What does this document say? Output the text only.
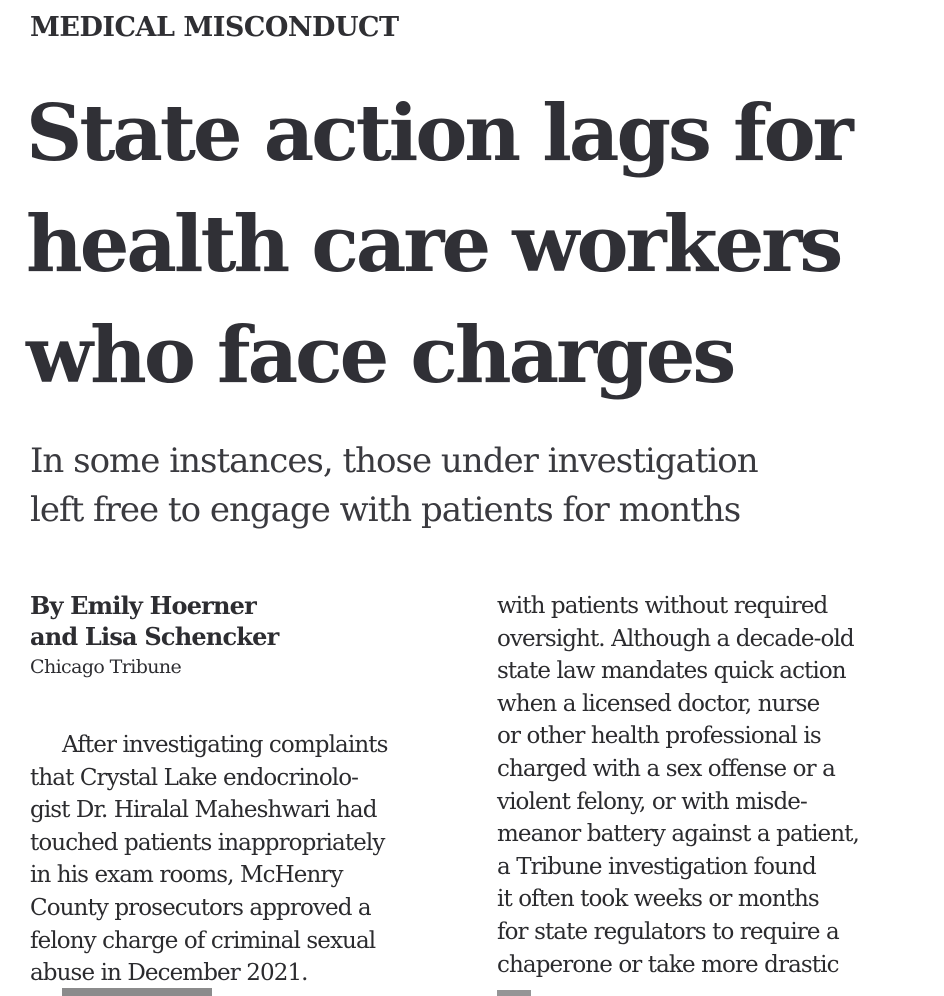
MEDICAL MISCONDUCT
State action lags for
health care workers
who face charges
In some instances, those under investigation
left free to engage with patients for months
By Emily Hoerner
and Lisa Schencker
Chicago Tribune
After investigating complaints
that Crystal Lake endocrinolo-
gist Dr. Hiralal Maheshwari had
touched patients inappropriately
in his exam rooms, McHenry
County prosecutors approved a
felony charge of criminal sexual
abuse in December 2021.
with patients without required
oversight. Although a decade-old
state law mandates quick action
when a licensed doctor, nurse
or other health professional is
charged with a sex offense or a
violent felony, or with misde-
meanor battery against a patient,
a Tribune investigation found
it often took weeks or months
for state regulators to require a
chaperone or take more drastic
